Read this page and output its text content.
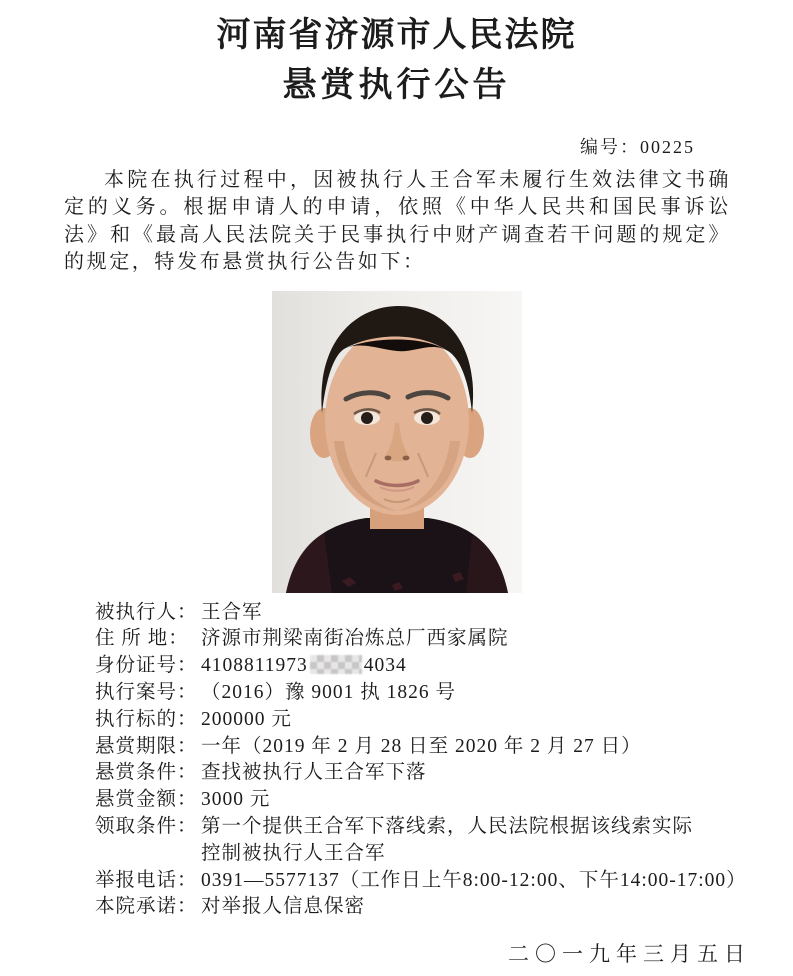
河南省济源市人民法院
悬赏执行公告
编号：00225
本院在执行过程中，因被执行人王合军未履行生效法律文书确定的义务。根据申请人的申请，依照《中华人民共和国民事诉讼法》和《最高人民法院关于民事执行中财产调查若干问题的规定》的规定，特发布悬赏执行公告如下：
被执行人： 王合军
住 所 地： 济源市荆梁南街冶炼总厂西家属院
身份证号： 4108811973	4034
执行案号： （2016）豫 9001 执 1826 号
执行标的： 200000 元
悬赏期限： 一年（2019 年 2 月 28 日至 2020 年 2 月 27 日）
悬赏条件： 查找被执行人王合军下落
悬赏金额： 3000 元
领取条件： 第一个提供王合军下落线索，人民法院根据该线索实际控制被执行人王合军
举报电话： 0391—5577137（工作日上午8:00-12:00、下午14:00-17:00）
本院承诺： 对举报人信息保密
二〇一九年三月五日
